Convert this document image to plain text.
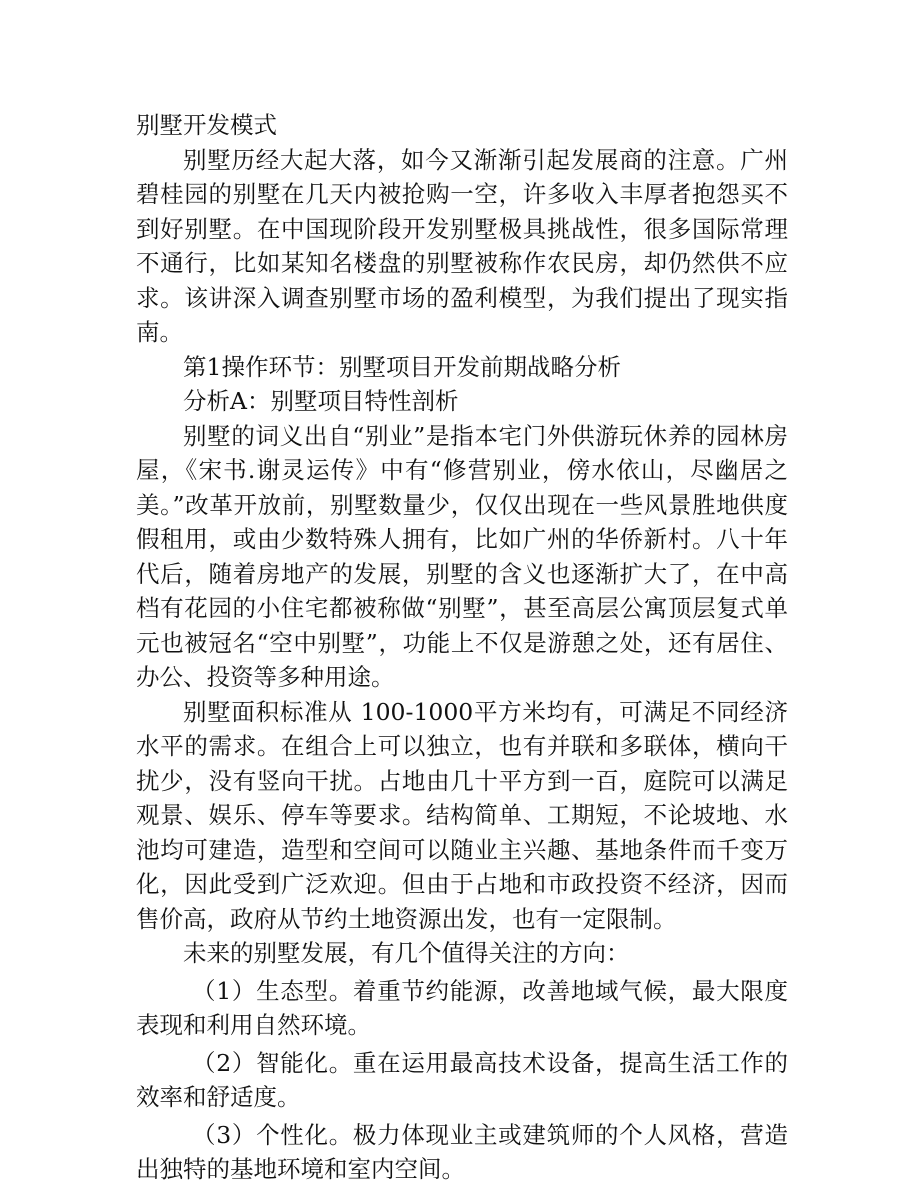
别墅开发模式

别墅历经大起大落，如今又渐渐引起发展商的注意。广州碧桂园的别墅在几天内被抢购一空，许多收入丰厚者抱怨买不到好别墅。在中国现阶段开发别墅极具挑战性，很多国际常理不通行，比如某知名楼盘的别墅被称作农民房，却仍然供不应求。该讲深入调查别墅市场的盈利模型，为我们提出了现实指南。

第1操作环节：别墅项目开发前期战略分析

分析A：别墅项目特性剖析

别墅的词义出自“别业”是指本宅门外供游玩休养的园林房屋，《宋书.谢灵运传》中有“修营别业，傍水依山，尽幽居之美。”改革开放前，别墅数量少，仅仅出现在一些风景胜地供度假租用，或由少数特殊人拥有，比如广州的华侨新村。八十年代后，随着房地产的发展，别墅的含义也逐渐扩大了，在中高档有花园的小住宅都被称做“别墅”，甚至高层公寓顶层复式单元也被冠名“空中别墅”，功能上不仅是游憩之处，还有居住、办公、投资等多种用途。

别墅面积标准从 100-1000平方米均有，可满足不同经济水平的需求。在组合上可以独立，也有并联和多联体，横向干扰少，没有竖向干扰。占地由几十平方到一百，庭院可以满足观景、娱乐、停车等要求。结构简单、工期短，不论坡地、水池均可建造，造型和空间可以随业主兴趣、基地条件而千变万化，因此受到广泛欢迎。但由于占地和市政投资不经济，因而售价高，政府从节约土地资源出发，也有一定限制。

未来的别墅发展，有几个值得关注的方向：

（1）生态型。着重节约能源，改善地域气候，最大限度表现和利用自然环境。

（2）智能化。重在运用最高技术设备，提高生活工作的效率和舒适度。

（3）个性化。极力体现业主或建筑师的个人风格，营造出独特的基地环境和室内空间。
